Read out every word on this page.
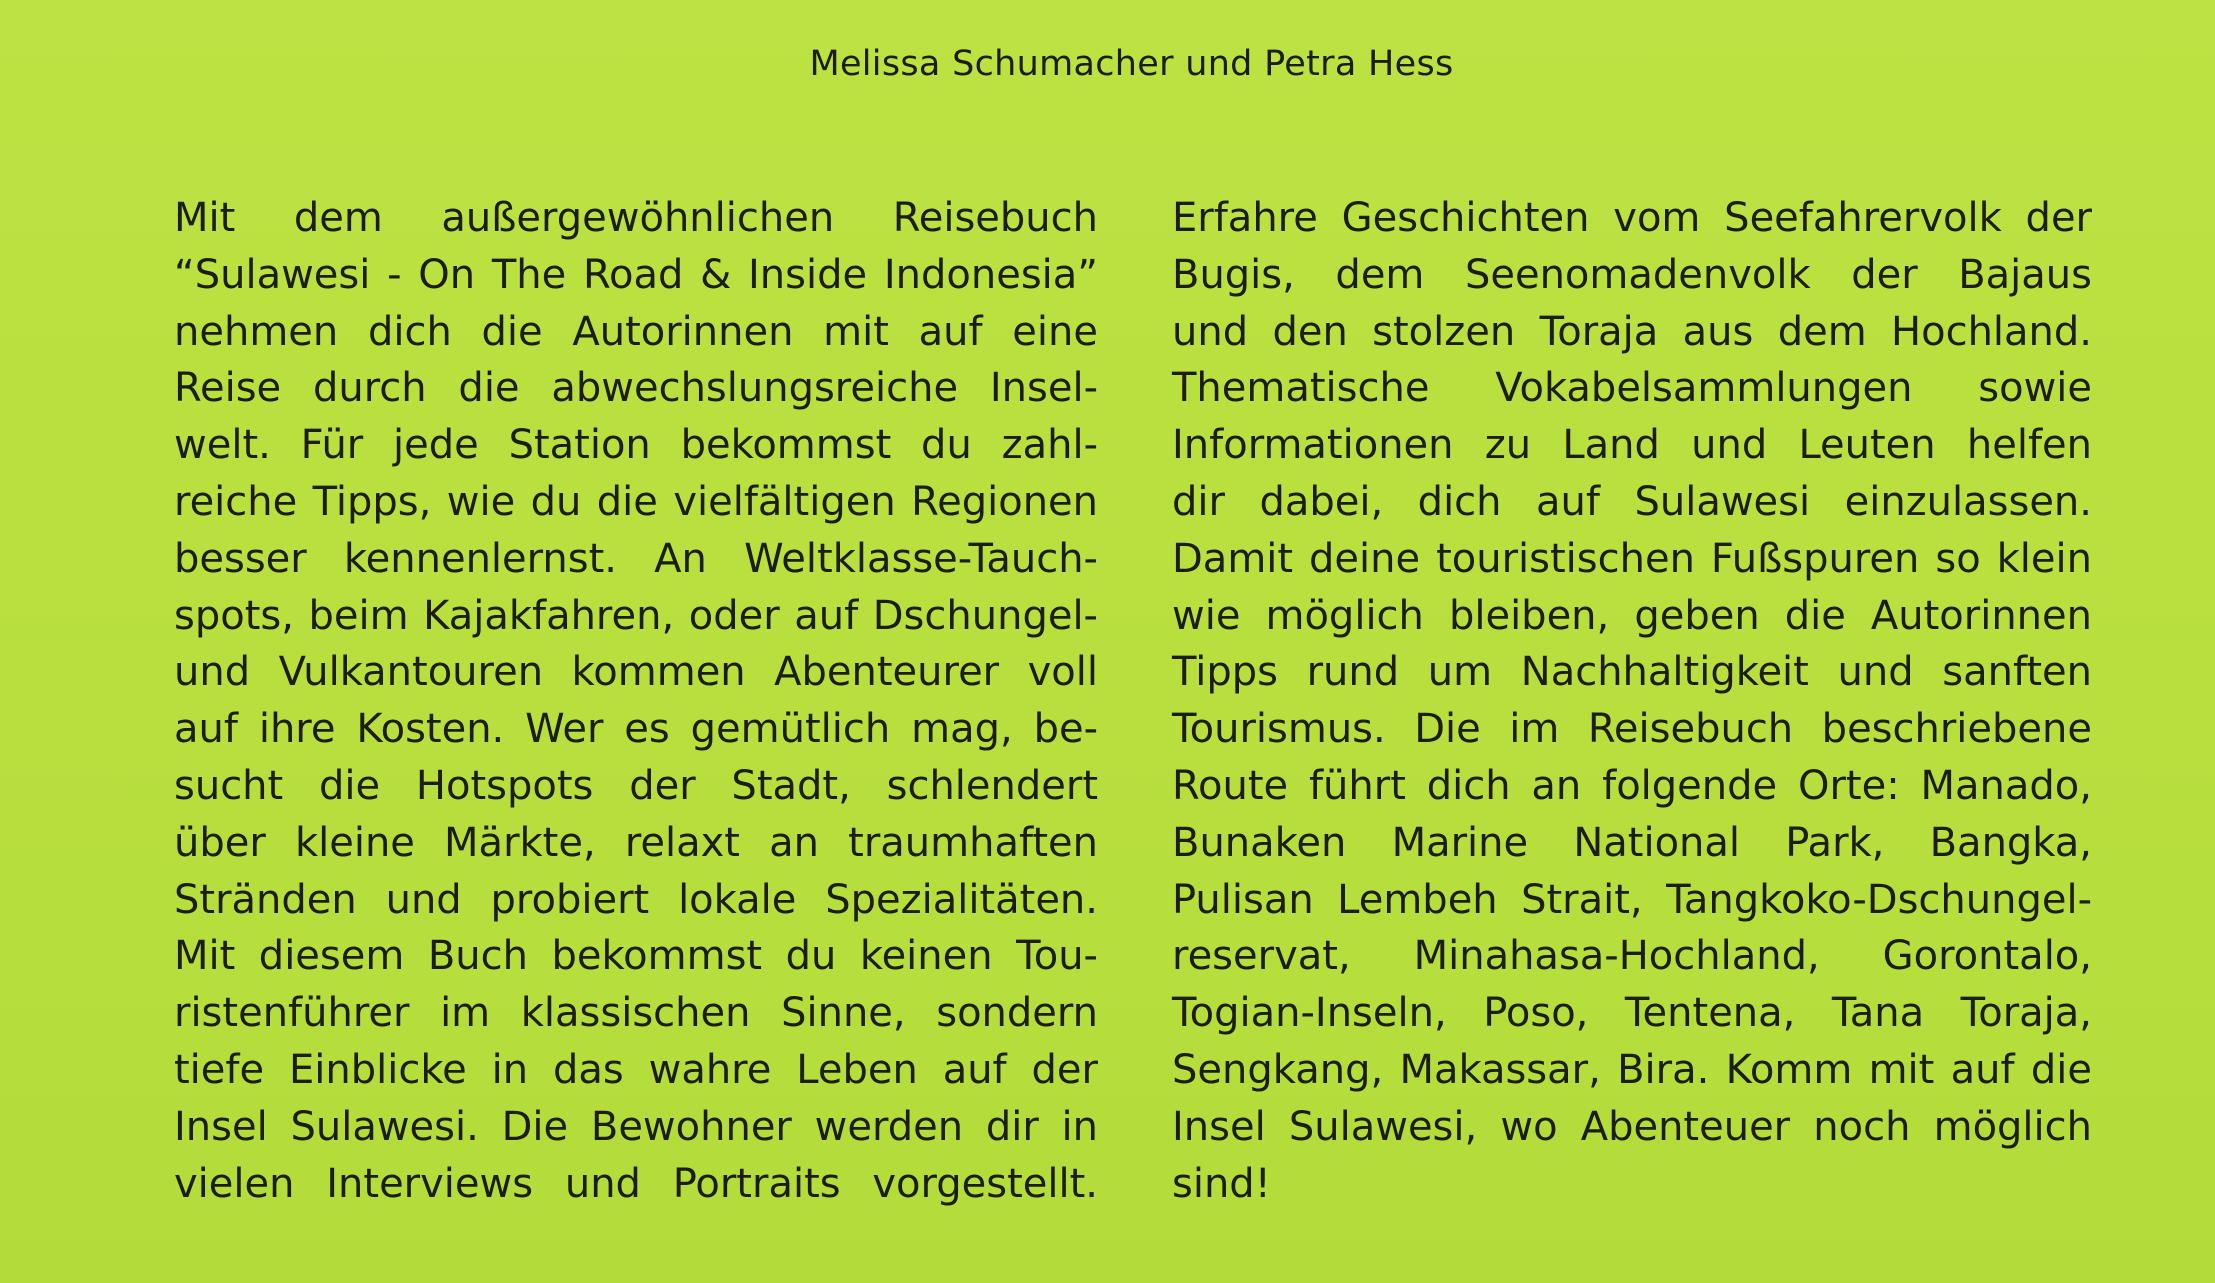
Melissa Schumacher und Petra Hess
Mit dem außergewöhnlichen Reisebuch
“Sulawesi - On The Road & Inside Indonesia”
nehmen dich die Autorinnen mit auf eine
Reise durch die abwechslungsreiche Insel-
welt. Für jede Station bekommst du zahl-
reiche Tipps, wie du die vielfältigen Regionen
besser kennenlernst. An Weltklasse-Tauch-
spots, beim Kajakfahren, oder auf Dschungel-
und Vulkantouren kommen Abenteurer voll
auf ihre Kosten. Wer es gemütlich mag, be-
sucht die Hotspots der Stadt, schlendert
über kleine Märkte, relaxt an traumhaften
Stränden und probiert lokale Spezialitäten.
Mit diesem Buch bekommst du keinen Tou-
ristenführer im klassischen Sinne, sondern
tiefe Einblicke in das wahre Leben auf der
Insel Sulawesi. Die Bewohner werden dir in
vielen Interviews und Portraits vorgestellt.
Erfahre Geschichten vom Seefahrervolk der
Bugis, dem Seenomadenvolk der Bajaus
und den stolzen Toraja aus dem Hochland.
Thematische Vokabelsammlungen sowie
Informationen zu Land und Leuten helfen
dir dabei, dich auf Sulawesi einzulassen.
Damit deine touristischen Fußspuren so klein
wie möglich bleiben, geben die Autorinnen
Tipps rund um Nachhaltigkeit und sanften
Tourismus. Die im Reisebuch beschriebene
Route führt dich an folgende Orte: Manado,
Bunaken Marine National Park, Bangka,
Pulisan Lembeh Strait, Tangkoko-Dschungel-
reservat, Minahasa-Hochland, Gorontalo,
Togian-Inseln, Poso, Tentena, Tana Toraja,
Sengkang, Makassar, Bira. Komm mit auf die
Insel Sulawesi, wo Abenteuer noch möglich
sind!
